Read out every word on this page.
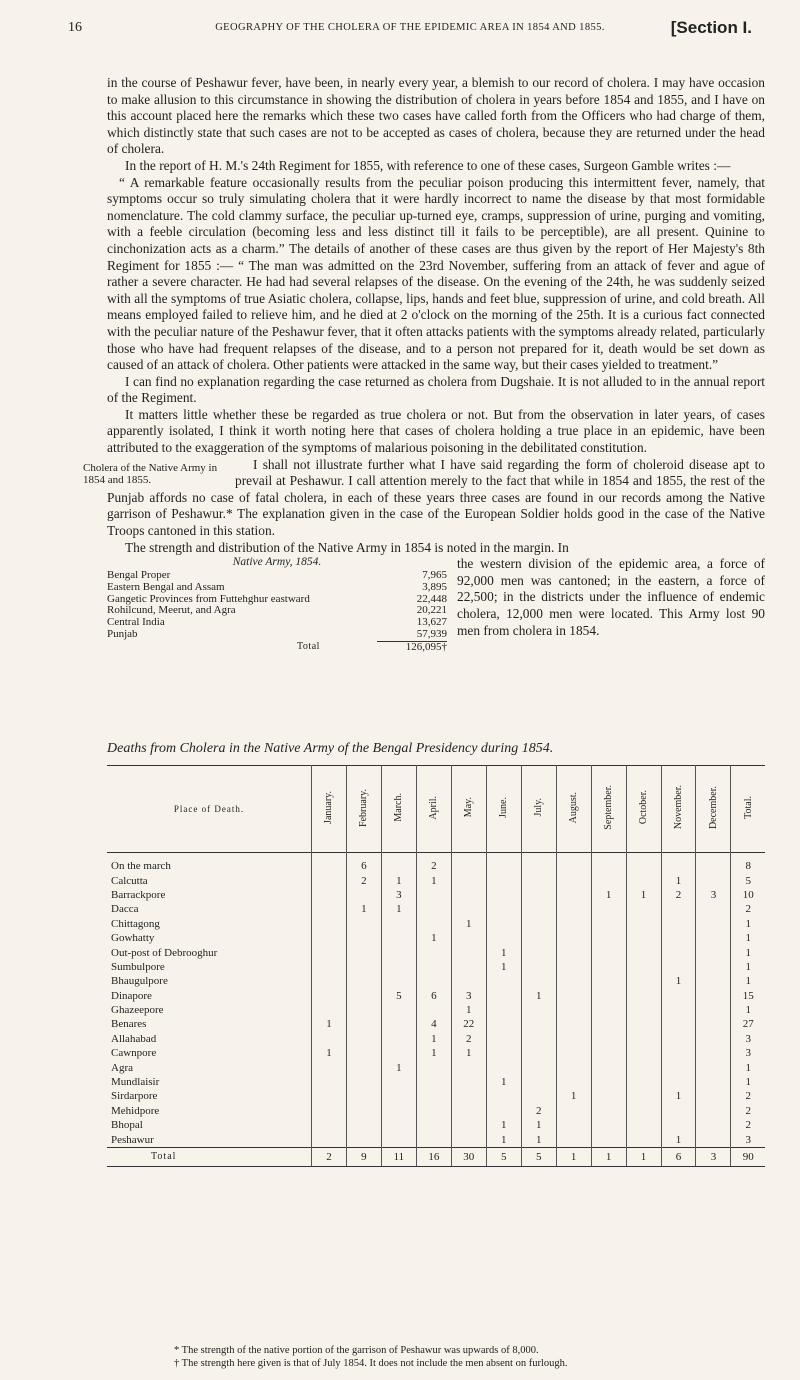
16	GEOGRAPHY OF THE CHOLERA OF THE EPIDEMIC AREA IN 1854 AND 1855.	[Section I.

in the course of Peshawur fever, have been, in nearly every year, a blemish to our record of cholera. I may have occasion to make allusion to this circumstance in showing the distribution of cholera in years before 1854 and 1855, and I have on this account placed here the remarks which these two cases have called forth from the Officers who had charge of them, which distinctly state that such cases are not to be accepted as cases of cholera, because they are returned under the head of cholera.

In the report of H. M.'s 24th Regiment for 1855, with reference to one of these cases, Surgeon Gamble writes :—

“ A remarkable feature occasionally results from the peculiar poison producing this intermittent fever, namely, that symptoms occur so truly simulating cholera that it were hardly incorrect to name the disease by that most formidable nomenclature. The cold clammy surface, the peculiar up-turned eye, cramps, suppression of urine, purging and vomiting, with a feeble circulation (becoming less and less distinct till it fails to be perceptible), are all present. Quinine to cinchonization acts as a charm.” The details of another of these cases are thus given by the report of Her Majesty's 8th Regiment for 1855 :— “ The man was admitted on the 23rd November, suffering from an attack of fever and ague of rather a severe character. He had had several relapses of the disease. On the evening of the 24th, he was suddenly seized with all the symptoms of true Asiatic cholera, collapse, lips, hands and feet blue, suppression of urine, and cold breath. All means employed failed to relieve him, and he died at 2 o'clock on the morning of the 25th. It is a curious fact connected with the peculiar nature of the Peshawur fever, that it often attacks patients with the symptoms already related, particularly those who have had frequent relapses of the disease, and to a person not prepared for it, death would be set down as caused of an attack of cholera. Other patients were attacked in the same way, but their cases yielded to treatment.”

I can find no explanation regarding the case returned as cholera from Dugshaie. It is not alluded to in the annual report of the Regiment.

It matters little whether these be regarded as true cholera or not. But from the observation in later years, of cases apparently isolated, I think it worth noting here that cases of cholera holding a true place in an epidemic, have been attributed to the exaggeration of the symptoms of malarious poisoning in the debilitated constitution.

Cholera of the Native Army in 1854 and 1855.

I shall not illustrate further what I have said regarding the form of choleroid disease apt to prevail at Peshawur. I call attention merely to the fact that while in 1854 and 1855, the rest of the Punjab affords no case of fatal cholera, in each of these years three cases are found in our records among the Native garrison of Peshawur.* The explanation given in the case of the European Soldier holds good in the case of the Native Troops cantoned in this station.

The strength and distribution of the Native Army in 1854 is noted in the margin. In

Native Army, 1854.
Bengal Proper	7,965
Eastern Bengal and Assam	3,895
Gangetic Provinces from Futtehghur eastward	22,448
Rohilcund, Meerut, and Agra	20,221
Central India	13,627
Punjab	57,939
Total	126,095†

the western division of the epidemic area, a force of 92,000 men was cantoned; in the eastern, a force of 22,500; in the districts under the influence of endemic cholera, 12,000 men were located. This Army lost 90 men from cholera in 1854.

Deaths from Cholera in the Native Army of the Bengal Presidency during 1854.
Place of Death.	January.	February.	March.	April.	May.	June.	July.	August.	September.	October.	November.	December.	Total.
On the march		6		2									8
Calcutta		2	1	1							1		5
Barrackpore			3						1	1	2	3	10
Dacca		1	1										2
Chittagong					1								1
Gowhatty				1									1
Out-post of Debrooghur						1							1
Sumbulpore						1							1
Bhaugulpore											1		1
Dinapore			5	6	3		1						15
Ghazeepore					1								1
Benares	1			4	22								27
Allahabad				1	2								3
Cawnpore	1			1	1								3
Agra			1										1
Mundlaisir						1							1
Sirdarpore								1			1		2
Mehidpore							2						2
Bhopal						1	1						2
Peshawur						1	1				1		3
Total	2	9	11	16	30	5	5	1	1	1	6	3	90
* The strength of the native portion of the garrison of Peshawur was upwards of 8,000.
† The strength here given is that of July 1854. It does not include the men absent on furlough.
